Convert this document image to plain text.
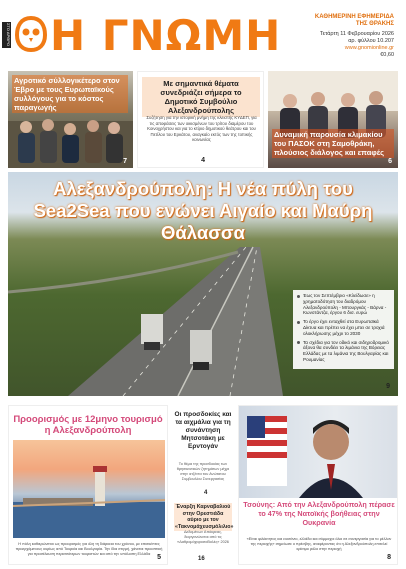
ΣΤΟ ΑΡΘΡΟ Η ΓΝΩΜΗ	ΚΑΘΗΜΕΡΙΝΗ ΕΦΗΜΕΡΙΔΑ ΤΗΣ ΘΡΑΚΗΣ
Τετάρτη 11 Φεβρουαρίου 2026
αρ. φύλλου 10.207
www.gnomionline.gr
€0,60
Αγροτικό σύλλογικέτερο στον Έβρο με τους Ευρωπαϊκούς συλλόγους για το κόστος παραγωγής
7
Με σημαντικά θέματα συνεδριάζει σήμερα το Δημοτικό Συμβούλιο Αλεξανδρούπολης
Συζήτηση για την ιστορική μνήμη της κλειστής ΚΥΔΕΠ, για τις αποφάσεις των οικισμένων του τρίτου διαμέρου του Κοινοχρήστου και για το κτίριο δημοτικού θεάτρου και του Πετίλου του Ερκάτου, αναγκαίο εκτός των της τοπικής κοινωνίας
4
Δυναμική παρουσία κλιμακίου του ΠΑΣΟΚ στη Σαμοθράκη, πλούσιος διάλογος και επαφές
6
Αλεξανδρούπολη: Η νέα πύλη του Sea2Sea που ενώνει Αιγαίο και Μαύρη Θάλασσα
Έως τον Σεπτέμβριο «Κλείδωσε» η χρηματοδότηση του διαδρόμου Αλεξανδρούπολη - Μπουργκάς - Βάρνα - Κωνστάντζα, έργου 6 δισ. ευρώ
Το έργο έχει ενταχθεί στα Ευρωπαϊκά Δίκτυα και πρέπει να έχει μπει σε τροχιά ολοκλήρωσης μέχρι το 2030
Τα σχέδια για τον οδικό και σιδηροδρομικό άξονα θα συνδέει τα λιμάνια της Βόρειας Ελλάδας με τα λιμάνια της Βουλγαρίας και Ρουμανίας
9
Προορισμός με 12μηνο τουρισμό η Αλεξανδρούπολη
Η πόλη καθιερώνεται ως προορισμός για όλη τη διάρκεια του χρόνου, με επισκέπτες προερχόμενους κυρίως από Τουρκία και Βουλγαρία. Την ίδια στιγμή, χάνεται προοπτική για προσέλκυση περισσότερων τουριστών και από την υπόλοιπη Ελλάδα 5
Οι προσδοκίες και τα αιχμάλια για τη συνάντηση Μητσοτάκη με Ερντογάν
Το θέμα της προσδοκίας των θρησκευτικών ζητημάτων μέχρι στην ατζέντα του Ανώτατου Συμβουλίου Συνεργασίας
4
Έναρξη Καρναβαλιού στην Ορεστιάδα αύριο με τον «Τακνομάχευσμόλιλιο»
Δεδομένων Απόκρεας, διοργανώνεται από τις «ΔαθρομόχαροσοΒολές» 2026
16
Τσούνης: Από την Αλεξανδρούπολη πέρασε το 47% της Νατοϊκής βοήθειας στην Ουκρανία
«Είναι φιλόκτητος και ευκτάνιο, ελλάδα και σύμμαχοι όλοι σε συνεργασία για το μέλλον της περιοχής» σημείωσε ο πρέσβης, αναφέροντας ότι η Αλεξανδρούπολη επιτελεί κρίσιμο ρόλο στην περιοχή
8
